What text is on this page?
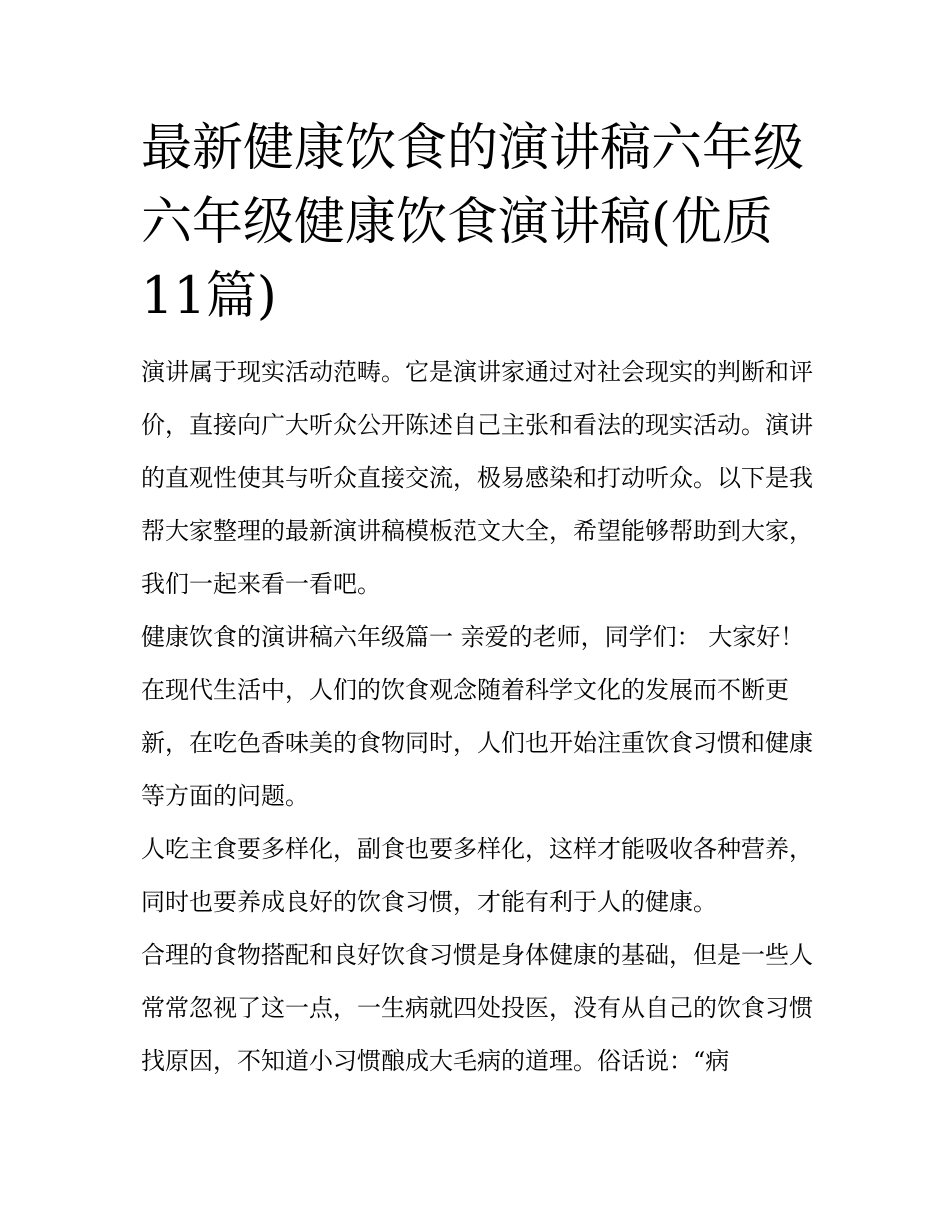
最新健康饮食的演讲稿六年级六年级健康饮食演讲稿(优质11篇)

演讲属于现实活动范畴。它是演讲家通过对社会现实的判断和评价，直接向广大听众公开陈述自己主张和看法的现实活动。演讲的直观性使其与听众直接交流，极易感染和打动听众。以下是我帮大家整理的最新演讲稿模板范文大全，希望能够帮助到大家，我们一起来看一看吧。

健康饮食的演讲稿六年级篇一 亲爱的老师，同学们： 大家好！

在现代生活中，人们的饮食观念随着科学文化的发展而不断更新，在吃色香味美的食物同时，人们也开始注重饮食习惯和健康等方面的问题。

人吃主食要多样化，副食也要多样化，这样才能吸收各种营养，同时也要养成良好的饮食习惯，才能有利于人的健康。

合理的食物搭配和良好饮食习惯是身体健康的基础，但是一些人常常忽视了这一点，一生病就四处投医，没有从自己的饮食习惯找原因，不知道小习惯酿成大毛病的道理。俗话说：“病
